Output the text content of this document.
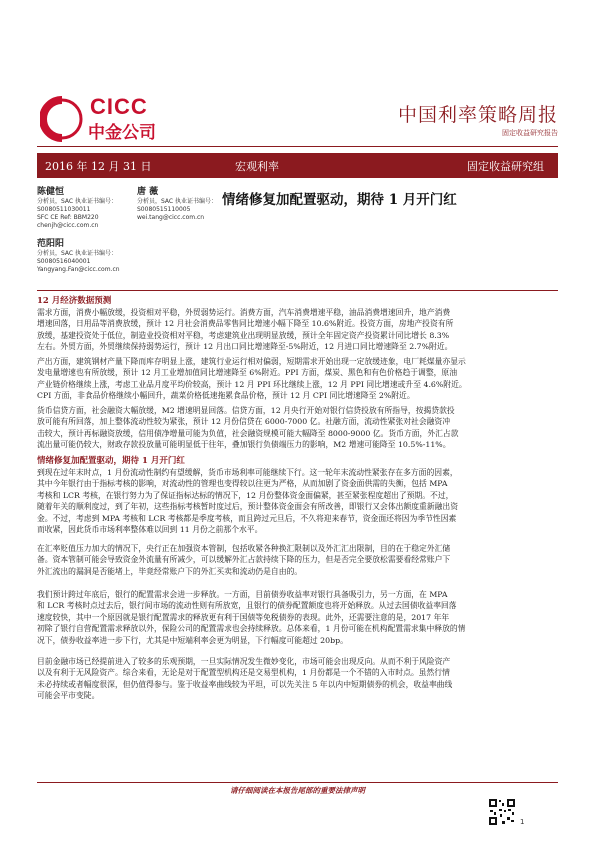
CICC
中金公司
中国利率策略周报
固定收益研究报告
2016 年 12 月 31 日	宏观利率	固定收益研究组
陈健恒
分析员，SAC 执业证书编号：
S0080511030011
SFC CE Ref: BBM220
chenjh@cicc.com.cn
唐 薇
分析员，SAC 执业证书编号：
S0080515110005
wei.tang@cicc.com.cn
范阳阳
分析员，SAC 执业证书编号：
S0080516040001
Yangyang.Fan@cicc.com.cn
情绪修复加配置驱动，期待 1 月开门红
12 月经济数据预测
需求方面，消费小幅放缓，投资相对平稳，外贸弱势运行。消费方面，汽车消费增速平稳，油品消费增速回升，地产消费
增速回落，日用品等消费放缓，预计 12 月社会消费品零售同比增速小幅下降至 10.6%附近。投资方面，房地产投资有所
放缓，基建投资处于低位，制造业投资相对平稳，考虑建筑业出现明显放缓，预计全年固定资产投资累计同比增长 8.3%
左右。外贸方面，外贸继续保持弱势运行，预计 12 月出口同比增速降至-5%附近，12 月进口同比增速降至 2.7%附近。
产出方面，建筑钢材产量下降而库存明显上涨，建筑行业运行相对偏弱，短期需求开始出现一定放缓迹象，电厂耗煤量亦显示
发电量增速也有所放缓，预计 12 月工业增加值同比增速降至 6%附近。PPI 方面，煤炭、黑色和有色价格趋于调整，原油
产业链价格继续上涨，考虑工业品月度平均价较高，预计 12 月 PPI 环比继续上涨，12 月 PPI 同比增速或升至 4.6%附近。
CPI 方面，非食品价格继续小幅回升，蔬菜价格低速拖累食品价格，预计 12 月 CPI 同比增速降至 2%附近。
货币信贷方面，社会融资大幅放缓，M2 增速明显回落。信贷方面，12 月央行开始对银行信贷投放有所指导，按揭贷款投
放可能有所回落，加上整体流动性较为紧张，预计 12 月份信贷在 6000-7000 亿。社融方面，流动性紧张对社会融资冲
击较大，预计再标融资放缓，信用债净增量可能为负值，社会融资规模可能大幅降至 8000-9000 亿。货币方面，外汇占款
流出量可能仍较大，财政存款投放量可能明显低于往年，叠加银行负债端压力的影响，M2 增速可能降至 10.5%-11%。
情绪修复加配置驱动，期待 1 月开门红
到现在过年末时点，1 月份流动性制约有望缓解，货币市场利率可能继续下行。这一轮年末流动性紧张存在多方面的因素，
其中今年银行由于指标考核的影响，对流动性的管理也变得较以往更为严格，从而加剧了资金面供需的失衡，包括 MPA
考核和 LCR 考核，在银行努力为了保证指标达标的情况下，12 月份整体资金面偏紧，甚至紧张程度超出了预期。不过，
随着年关的顺利度过，到了年初，这些指标考核暂时度过后，预计整体资金面会有所改善，即银行又会体出额度重新融出资
金。不过，考虑到 MPA 考核和 LCR 考核都是季度考核，而且跨过元旦后，不久将迎来春节，资金面还将因为季节性因素
而收紧，因此货币市场利率整体难以回到 11 月份之前那个水平。
在汇率贬值压力加大的情况下，央行正在加强资本管制，包括收紧各种换汇限制以及外汇汇出限制，目的在于稳定外汇储
备。资本管制可能会导致资金外流量有所减少，可以缓解外汇占款持续下降的压力，但是否完全要放松需要看经常账户下
外汇流出的漏洞是否能堵上，毕竟经常账户下的外汇买卖和流动仍是自由的。
我们预计跨过年底后，银行的配置需求会进一步释放。一方面，目前债券收益率对银行具备吸引力，另一方面，在 MPA
和 LCR 考核时点过去后，银行间市场的流动性则有所放宽，且银行的债券配置额度也将开始释放。从过去国债收益率回落
速度较快，其中一个原因就是银行配置需求的释放更有利于国债等免税债券的表现。此外，还需要注意的是，2017 年年
初除了银行自营配置需求释放以外，保险公司的配置需求也会持续释放。总体来看，1 月份可能在机构配置需求集中释放的情
况下，债券收益率进一步下行，尤其是中短端利率会更为明显，下行幅度可能超过 20bp。
目前金融市场已经提前进入了较多的乐观预期，一旦实际情况发生微妙变化，市场可能会出现反向。从而不利于风险资产
以及有利于无风险资产。综合来看，无论是对于配置型机构还是交易型机构，1 月份都是一个不错的入市时点。虽然行情
未必持续或者幅度很深，但仍值得参与。鉴于收益率曲线较为平坦，可以先关注 5 年以内中短期债券的机会，收益率曲线
可能会平市变陡。
请仔细阅读在本报告尾部的重要法律声明
1
